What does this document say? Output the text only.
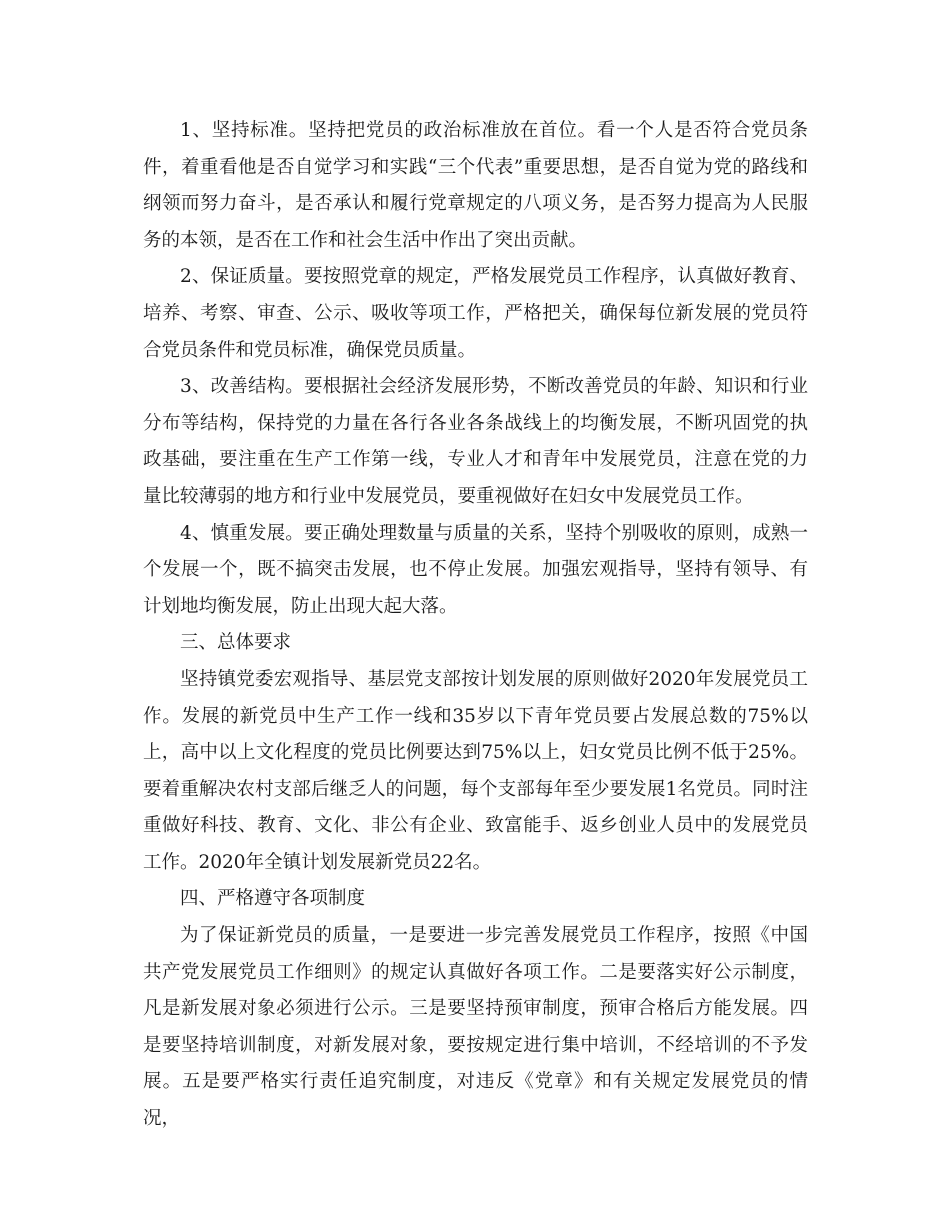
1、坚持标准。坚持把党员的政治标准放在首位。看一个人是否符合党员条件，着重看他是否自觉学习和实践“三个代表”重要思想，是否自觉为党的路线和纲领而努力奋斗，是否承认和履行党章规定的八项义务，是否努力提高为人民服务的本领，是否在工作和社会生活中作出了突出贡献。

2、保证质量。要按照党章的规定，严格发展党员工作程序，认真做好教育、培养、考察、审查、公示、吸收等项工作，严格把关，确保每位新发展的党员符合党员条件和党员标准，确保党员质量。

3、改善结构。要根据社会经济发展形势，不断改善党员的年龄、知识和行业分布等结构，保持党的力量在各行各业各条战线上的均衡发展，不断巩固党的执政基础，要注重在生产工作第一线，专业人才和青年中发展党员，注意在党的力量比较薄弱的地方和行业中发展党员，要重视做好在妇女中发展党员工作。

4、慎重发展。要正确处理数量与质量的关系，坚持个别吸收的原则，成熟一个发展一个，既不搞突击发展，也不停止发展。加强宏观指导，坚持有领导、有计划地均衡发展，防止出现大起大落。

三、总体要求

坚持镇党委宏观指导、基层党支部按计划发展的原则做好2020年发展党员工作。发展的新党员中生产工作一线和35岁以下青年党员要占发展总数的75%以上，高中以上文化程度的党员比例要达到75%以上，妇女党员比例不低于25%。要着重解决农村支部后继乏人的问题，每个支部每年至少要发展1名党员。同时注重做好科技、教育、文化、非公有企业、致富能手、返乡创业人员中的发展党员工作。2020年全镇计划发展新党员22名。

四、严格遵守各项制度

为了保证新党员的质量，一是要进一步完善发展党员工作程序，按照《中国共产党发展党员工作细则》的规定认真做好各项工作。二是要落实好公示制度，凡是新发展对象必须进行公示。三是要坚持预审制度，预审合格后方能发展。四是要坚持培训制度，对新发展对象，要按规定进行集中培训，不经培训的不予发展。五是要严格实行责任追究制度，对违反《党章》和有关规定发展党员的情况，
